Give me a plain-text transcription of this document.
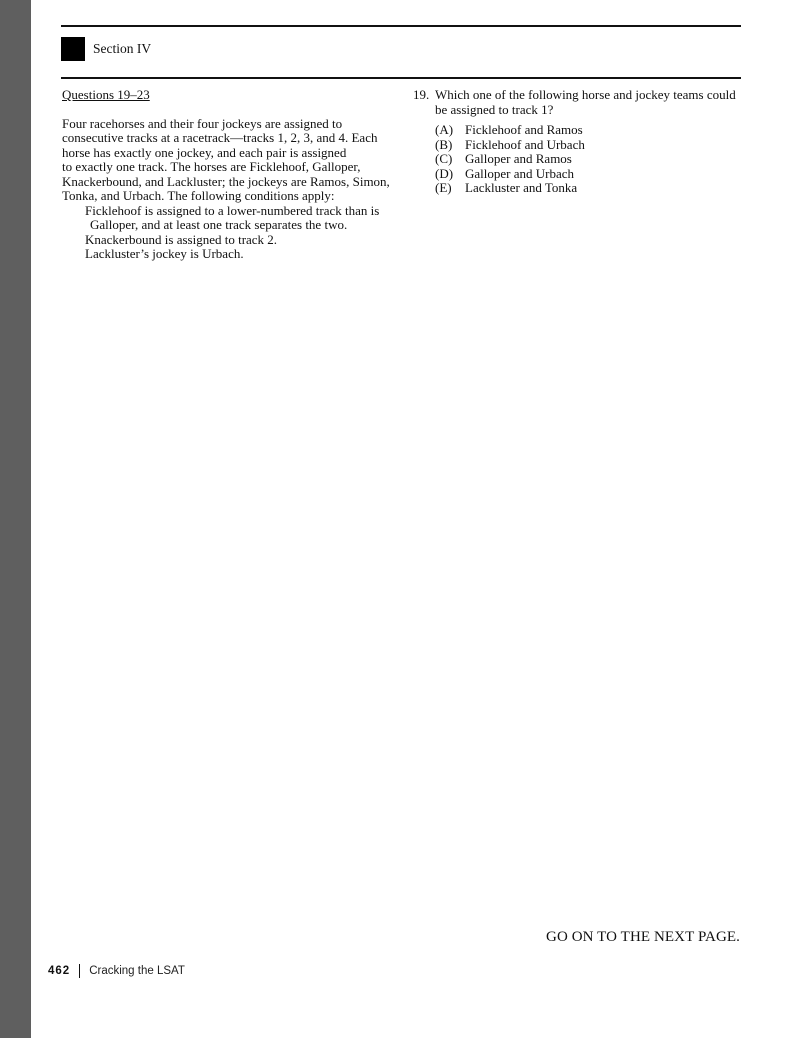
Section IV
Questions 19–23
Four racehorses and their four jockeys are assigned to
consecutive tracks at a racetrack—tracks 1, 2, 3, and 4. Each
horse has exactly one jockey, and each pair is assigned
to exactly one track. The horses are Ficklehoof, Galloper,
Knackerbound, and Lackluster; the jockeys are Ramos, Simon,
Tonka, and Urbach. The following conditions apply:
Ficklehoof is assigned to a lower-numbered track than is
Galloper, and at least one track separates the two.
Knackerbound is assigned to track 2.
Lackluster’s jockey is Urbach.
19. Which one of the following horse and jockey teams could
be assigned to track 1?
(A) Ficklehoof and Ramos
(B) Ficklehoof and Urbach
(C) Galloper and Ramos
(D) Galloper and Urbach
(E)	Lackluster and Tonka
GO ON TO THE NEXT PAGE.
462 Cracking the LSAT
